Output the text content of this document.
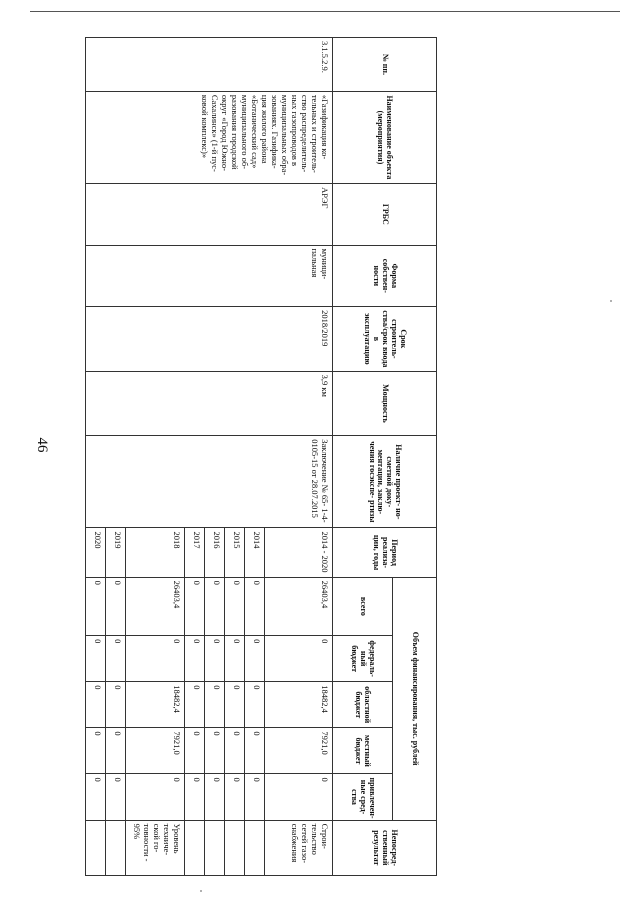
46
№ пп.	Наименование объекта (мероприятия)	ГРБС	Форма собствен- ности	Срок строитель- ства/срок ввода в эксплуатацию	Мощность	Наличие проект- но-сметной доку- ментации, заклю- чения госэкспе- ртизы	Период реализа- ции, годы	Объем финансирования, тыс. рублей					Непосред- ственный результат
								всего	федераль- ный бюджет	областной бюджет	местный бюджет	привлечен- ные сред- ства	
3.1.5.2.9.	«Газификация ко- тельных и строитель- ство распределитель- ных газопроводов в муниципальных обра- зованиях. Газифика- ция жилого района «Ботанический сад» муниципального об- разования городской округ «Город Южно- Сахалинск» (1-й пус- ковой комплекс)»	АРЭГ	муници- пальная	2018/2019	3,9 км	Заключение № 65- 1-4-0105-15 от 28.07.2015	2014 - 2020	26403,4	0	18482,4	7921,0	0	Строи- тельство сетей газо- снабжения
							2014	0	0	0	0	0	
							2015	0	0	0	0	0	
							2016	0	0	0	0	0	
							2017	0	0	0	0	0	
							2018	26403,4	0	18482,4	7921,0	0	Уровень техниче- ской го- товности - 95%
							2019	0	0	0	0	0	
							2020	0	0	0	0	0	
